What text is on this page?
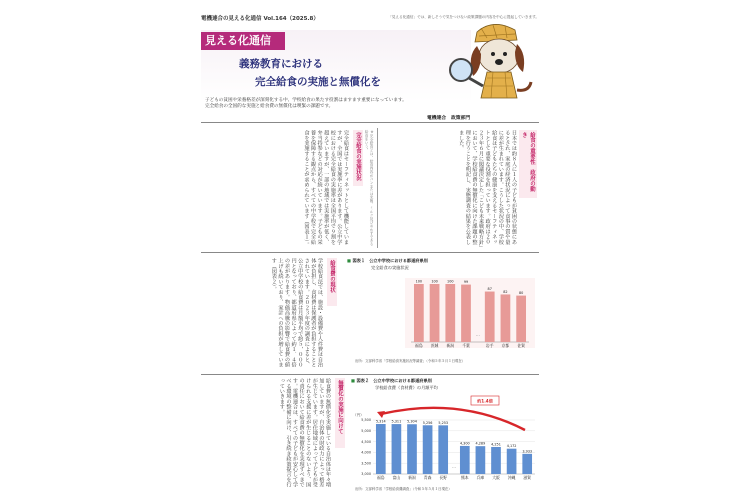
電機連合の見える化通信 Vol.164（2025.8）	「見える化通信」では、新しそうで気をつけない政策課題の内容を中心に提起していきます。
見える化通信
義務教育における
完全給食の実施と無償化を
子どもの貧困や栄養格差が深刻化する中、学校給食の果たす役割はますます重要になっています。
完全給食の全国的な実施と給食費の無償化は喫緊の課題です。
電機連合　政策部門
給食の重要性　政府の動き
日本では約８人に１人の子どもが貧困の状態にあるとされ、家庭の経済状況によって食事の質や量に差が生まれています。こうした状況の中、学校給食は子どもたちの健康を支えるセーフティネットとして重要な役割を担っています。政府は２０２３年６月に閣議決定した「こども未来戦略方針」において、学校給食費の無償化に向けた課題の整理を行うことを明記し、実態調査の結果を公表しました。
※完全給食とは、給食内容がパンまたは米飯、ミルク及びおかずである給食をいう。
完全給食の実施状況
完全給食はセーフティネットとして機能していますが、全国では実施率に差があります。公立中学校における完全給食の実施率は全国平均で９割を超えていますが、一部の地域では実施率が低く、弁当持参などの対応が続いています。子どもの栄養を保障する観点から、すべての中学校で完全給食を実施することが求められています（図表１）。
給食費の現状
学校給食法では、施設・設備費や人件費は自治体が負担し、食材費は保護者が負担することとされています。２０２３年度の調査によると、公立中学校の給食費は月額平均で約５，０００円となっており、都道府県によって約１．４倍の差があります。物価高騰の影響で給食費の値上げも続いており、家計への負担が増しています（図表２）。	■ 図表１　公立中学校における都道府県別
完全給食の実施状況
100
福島
100
茨城
100
新潟
99
千葉
87
岩手
82
京都
80
佐賀
…
出所：文部科学省「学校給食実施状況等調査」（令和５年５月１日現在）
無償化の実施に向けて
給食費の無償化を実施している自治体は年々増加していますが、自治体の財政力によって格差が生じています。居住地域によって子どもが受けられる支援に差が生じることのないよう、国の責任において給食費の無償化を実現すべきです。電機連合は、すべての子どもが安心して学べる環境の整備に向け、引き続き政策提言を行っていきます。	■ 図表２　公立中学校における都道府県別
学校給食費（食材費）の月額平均
（円）
3,000
3,500
4,000
4,500
5,000
5,500 5,314
福島
5,311
富山
5,304
新潟
5,256
青森
5,253
長野
4,300
熊本
4,289
兵庫
4,251
大阪
4,172
沖縄
3,933
滋賀
…
約1.4倍
出所：文部科学省「学校給食費調査」（令和５年５月１日現在）
